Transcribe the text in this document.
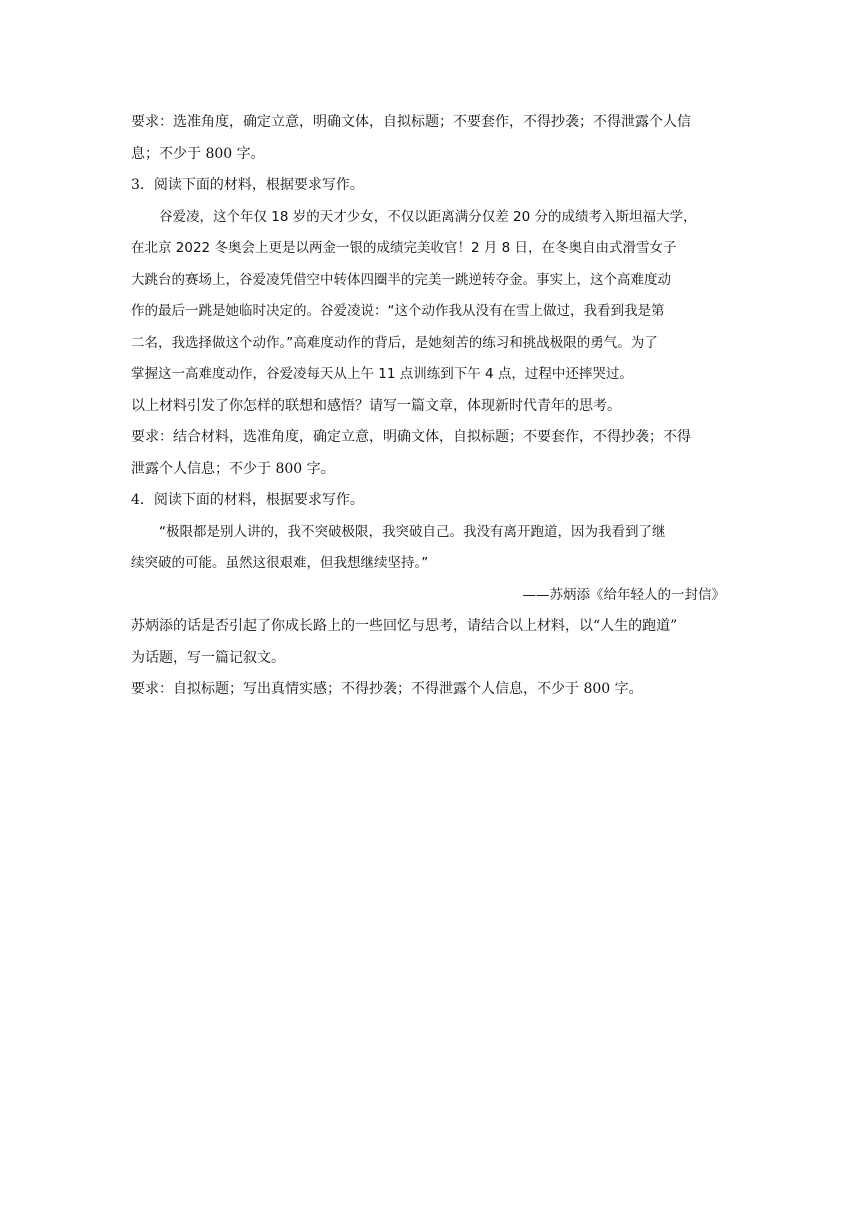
要求：选准角度，确定立意，明确文体，自拟标题；不要套作，不得抄袭；不得泄露个人信

息；不少于 800 字。

3．阅读下面的材料，根据要求写作。

谷爱凌，这个年仅 18 岁的天才少女，不仅以距离满分仅差 20 分的成绩考入斯坦福大学，

在北京 2022 冬奥会上更是以两金一银的成绩完美收官！2 月 8 日，在冬奥自由式滑雪女子

大跳台的赛场上，谷爱凌凭借空中转体四圈半的完美一跳逆转夺金。事实上，这个高难度动

作的最后一跳是她临时决定的。谷爱凌说：“这个动作我从没有在雪上做过，我看到我是第

二名，我选择做这个动作。”高难度动作的背后，是她刻苦的练习和挑战极限的勇气。为了

掌握这一高难度动作，谷爱凌每天从上午 11 点训练到下午 4 点，过程中还摔哭过。

以上材料引发了你怎样的联想和感悟？请写一篇文章，体现新时代青年的思考。

要求：结合材料，选准角度，确定立意，明确文体，自拟标题；不要套作，不得抄袭；不得

泄露个人信息；不少于 800 字。

4．阅读下面的材料，根据要求写作。

“极限都是别人讲的，我不突破极限，我突破自己。我没有离开跑道，因为我看到了继

续突破的可能。虽然这很艰难，但我想继续坚持。”

——苏炳添《给年轻人的一封信》

苏炳添的话是否引起了你成长路上的一些回忆与思考，请结合以上材料，以“人生的跑道”

为话题，写一篇记叙文。

要求：自拟标题；写出真情实感；不得抄袭；不得泄露个人信息，不少于 800 字。
